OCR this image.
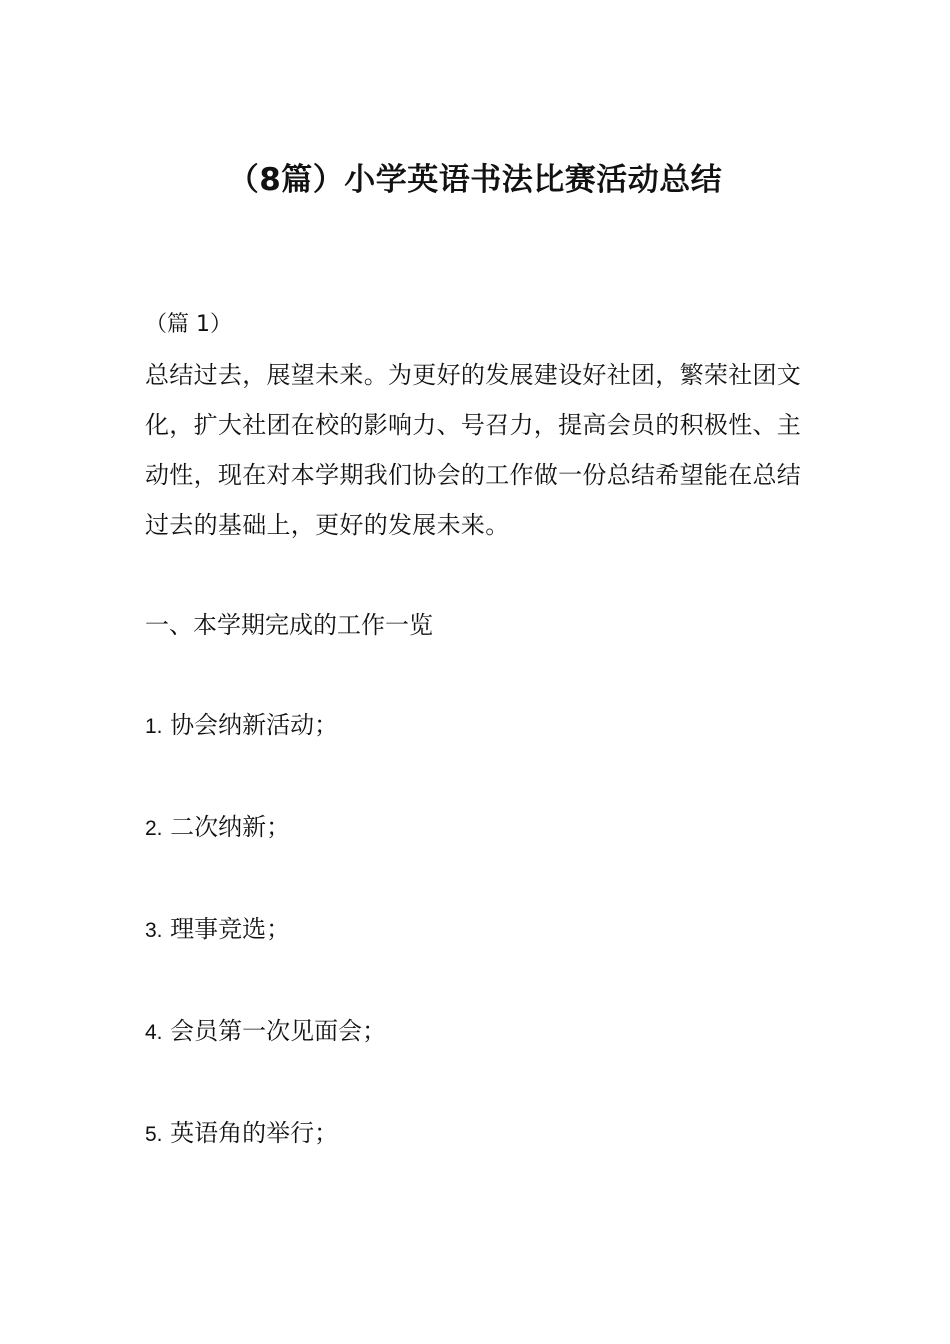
（8篇）小学英语书法比赛活动总结

（篇 1）

总结过去，展望未来。为更好的发展建设好社团，繁荣社团文化，扩大社团在校的影响力、号召力，提高会员的积极性、主动性，现在对本学期我们协会的工作做一份总结希望能在总结过去的基础上，更好的发展未来。

一、本学期完成的工作一览

1. 协会纳新活动；

2. 二次纳新；

3. 理事竞选；

4. 会员第一次见面会；

5. 英语角的举行；
